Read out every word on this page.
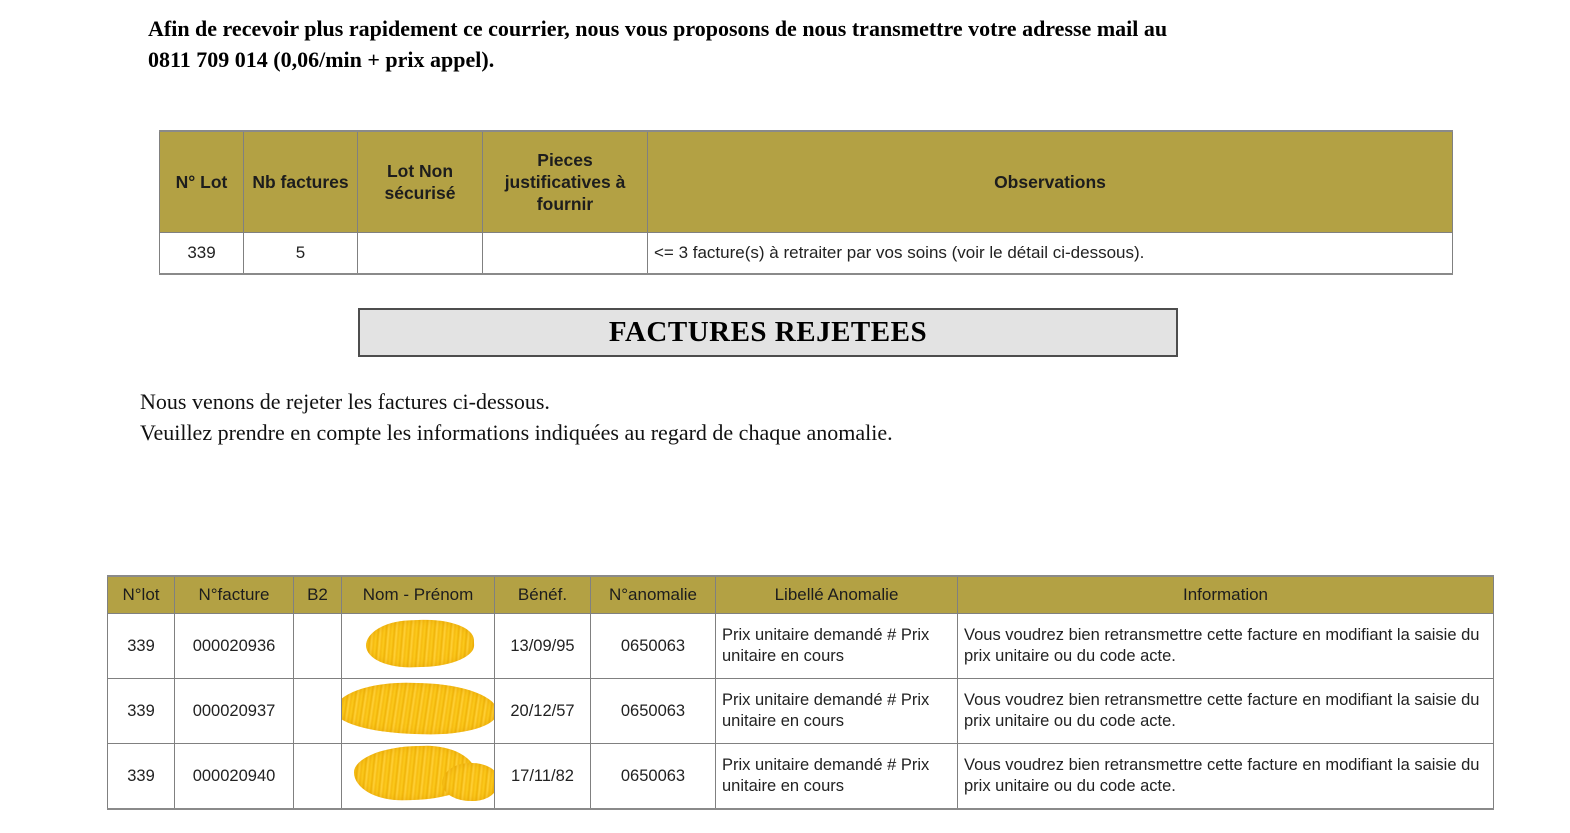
Afin de recevoir plus rapidement ce courrier, nous vous proposons de nous transmettre votre adresse mail au
0811 709 014 (0,06/min + prix appel).

N° Lot	Nb factures	Lot Non sécurisé	Pieces justificatives à fournir	Observations
339	5			<= 3 facture(s) à retraiter par vos soins (voir le détail ci-dessous).
FACTURES REJETEES

Nous venons de rejeter les factures ci-dessous.
Veuillez prendre en compte les informations indiquées au regard de chaque anomalie.

N°lot	N°facture	B2	Nom - Prénom	Bénéf.	N°anomalie	Libellé Anomalie	Information
339	000020936			13/09/95	0650063	Prix unitaire demandé # Prix unitaire en cours	Vous voudrez bien retransmettre cette facture en modifiant la saisie du prix unitaire ou du code acte.
339	000020937			20/12/57	0650063	Prix unitaire demandé # Prix unitaire en cours	Vous voudrez bien retransmettre cette facture en modifiant la saisie du prix unitaire ou du code acte.
339	000020940			17/11/82	0650063	Prix unitaire demandé # Prix unitaire en cours	Vous voudrez bien retransmettre cette facture en modifiant la saisie du prix unitaire ou du code acte.
